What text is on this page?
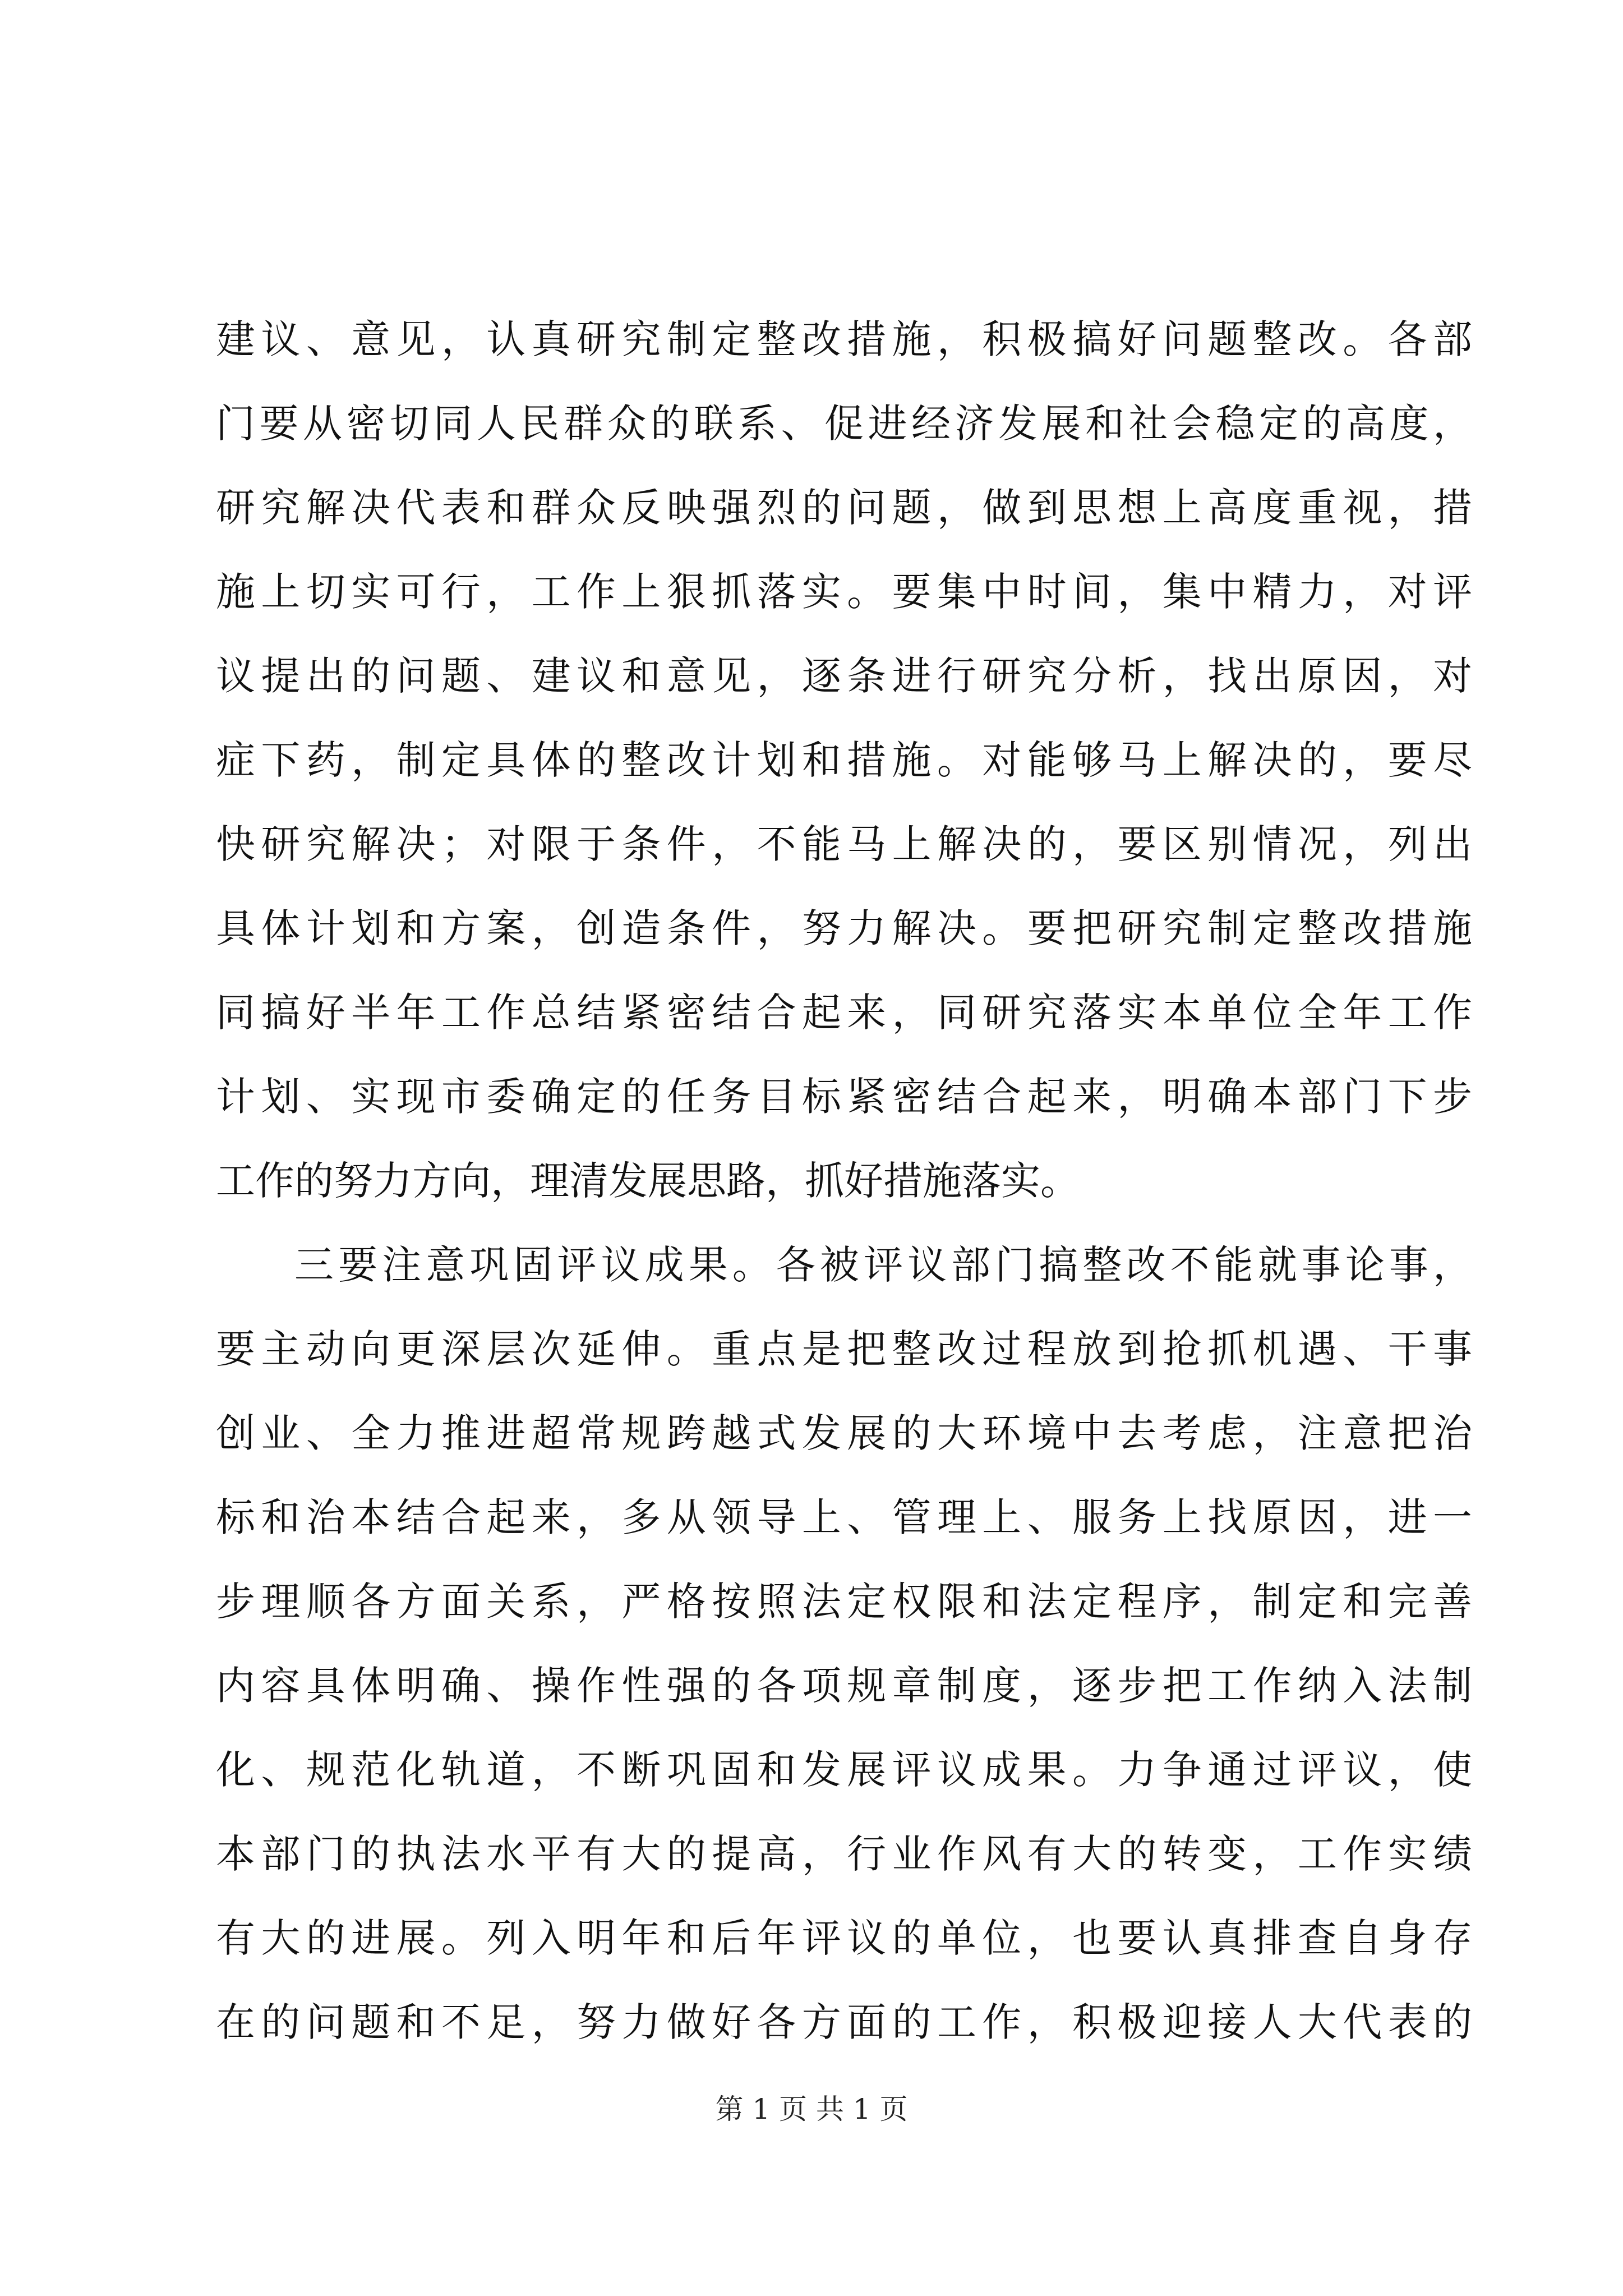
建议、意见，认真研究制定整改措施，积极搞好问题整改。各部
门要从密切同人民群众的联系、促进经济发展和社会稳定的高度，
研究解决代表和群众反映强烈的问题，做到思想上高度重视，措
施上切实可行，工作上狠抓落实。要集中时间，集中精力，对评
议提出的问题、建议和意见，逐条进行研究分析，找出原因，对
症下药，制定具体的整改计划和措施。对能够马上解决的，要尽
快研究解决；对限于条件，不能马上解决的，要区别情况，列出
具体计划和方案，创造条件，努力解决。要把研究制定整改措施
同搞好半年工作总结紧密结合起来，同研究落实本单位全年工作
计划、实现市委确定的任务目标紧密结合起来，明确本部门下步
工作的努力方向，理清发展思路，抓好措施落实。
三要注意巩固评议成果。各被评议部门搞整改不能就事论事，
要主动向更深层次延伸。重点是把整改过程放到抢抓机遇、干事
创业、全力推进超常规跨越式发展的大环境中去考虑，注意把治
标和治本结合起来，多从领导上、管理上、服务上找原因，进一
步理顺各方面关系，严格按照法定权限和法定程序，制定和完善
内容具体明确、操作性强的各项规章制度，逐步把工作纳入法制
化、规范化轨道，不断巩固和发展评议成果。力争通过评议，使
本部门的执法水平有大的提高，行业作风有大的转变，工作实绩
有大的进展。列入明年和后年评议的单位，也要认真排查自身存
在的问题和不足，努力做好各方面的工作，积极迎接人大代表的
第 1 页 共 1 页
